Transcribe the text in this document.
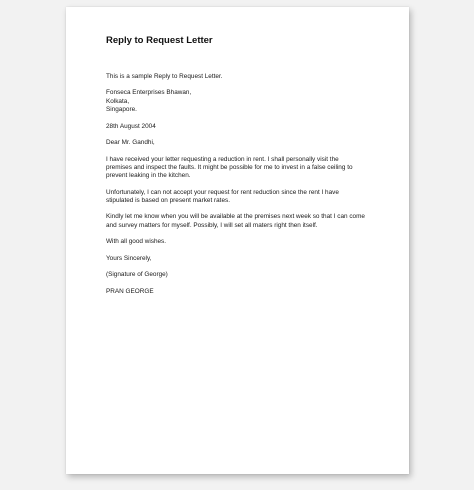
Reply to Request Letter
This is a sample Reply to Request Letter.
Fonseca Enterprises Bhawan,
Kolkata,
Singapore.
28th August 2004
Dear Mr. Gandhi,
I have received your letter requesting a reduction in rent. I shall personally visit the
premises and inspect the faults. It might be possible for me to invest in a false ceiling to
prevent leaking in the kitchen.
Unfortunately, I can not accept your request for rent reduction since the rent I have
stipulated is based on present market rates.
Kindly let me know when you will be available at the premises next week so that I can come
and survey matters for myself. Possibly, I will set all maters right then itself.
With all good wishes.
Yours Sincerely,
(Signature of George)
PRAN GEORGE
